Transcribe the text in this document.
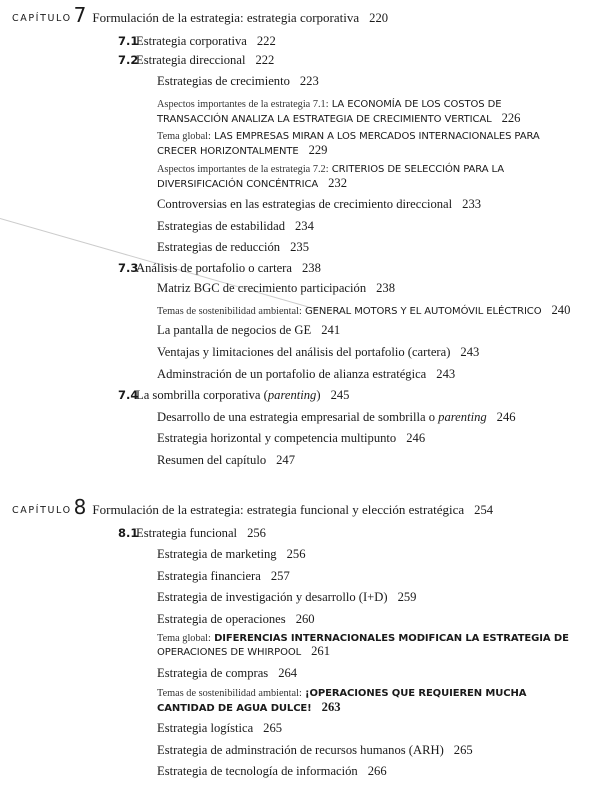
CAPÍTULO 7 Formulación de la estrategia: estrategia corporativa 220
7.1
Estrategia corporativa 222
7.2
Estrategia direccional 222
Estrategias de crecimiento 223
Aspectos importantes de la estrategia 7.1: LA ECONOMÍA DE LOS COSTOS DE
TRANSACCIÓN ANALIZA LA ESTRATEGIA DE CRECIMIENTO VERTICAL 226
Tema global: LAS EMPRESAS MIRAN A LOS MERCADOS INTERNACIONALES PARA
CRECER HORIZONTALMENTE 229
Aspectos importantes de la estrategia 7.2: CRITERIOS DE SELECCIÓN PARA LA
DIVERSIFICACIÓN CONCÉNTRICA 232
Controversias en las estrategias de crecimiento direccional 233
Estrategias de estabilidad 234
Estrategias de reducción 235
7.3
Análisis de portafolio o cartera 238
Matriz BGC de crecimiento participación 238
Temas de sostenibilidad ambiental: GENERAL MOTORS Y EL AUTOMÓVIL ELÉCTRICO 240
La pantalla de negocios de GE 241
Ventajas y limitaciones del análisis del portafolio (cartera) 243
Adminstración de un portafolio de alianza estratégica 243
7.4
La sombrilla corporativa (parenting) 245
Desarrollo de una estrategia empresarial de sombrilla o parenting 246
Estrategia horizontal y competencia multipunto 246
Resumen del capítulo 247
CAPÍTULO 8 Formulación de la estrategia: estrategia funcional y elección estratégica 254
8.1
Estrategia funcional 256
Estrategia de marketing 256
Estrategia financiera 257
Estrategia de investigación y desarrollo (I+D) 259
Estrategia de operaciones 260
Tema global: DIFERENCIAS INTERNACIONALES MODIFICAN LA ESTRATEGIA DE
OPERACIONES DE WHIRPOOL 261
Estrategia de compras 264
Temas de sostenibilidad ambiental: ¡OPERACIONES QUE REQUIEREN MUCHA
CANTIDAD DE AGUA DULCE! 263
Estrategia logística 265
Estrategia de adminstración de recursos humanos (ARH) 265
Estrategia de tecnología de información 266
